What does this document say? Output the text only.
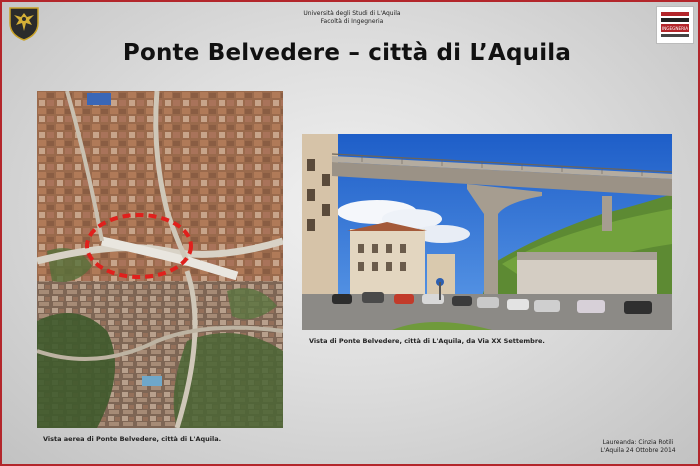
Università degli Studi di L'Aquila
Facoltà di Ingegneria
INGEGNERIA
Ponte Belvedere – città di L’Aquila
Vista di Ponte Belvedere, città di L'Aquila, da Via XX Settembre.
Vista aerea di Ponte Belvedere, città di L'Aquila.	Laureanda: Cinzia Rotili
L'Aquila 24 Ottobre 2014
